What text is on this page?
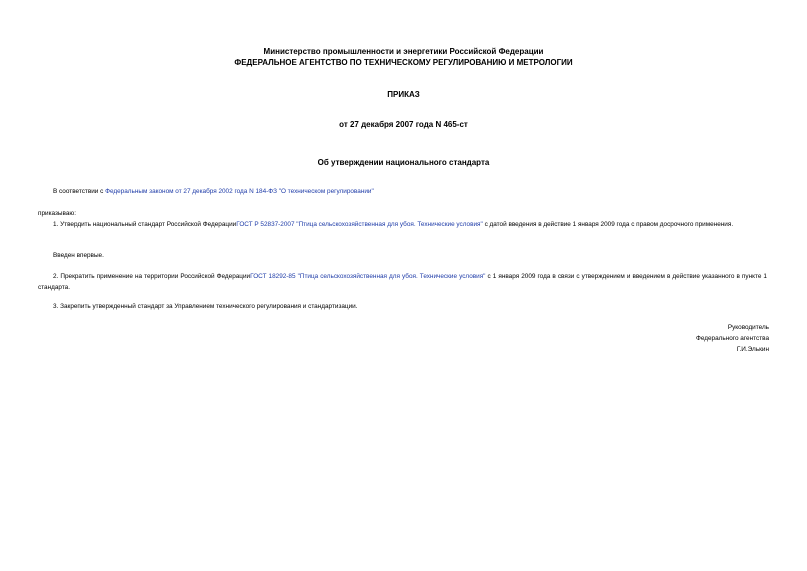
Министерство промышленности и энергетики Российской Федерации
ФЕДЕРАЛЬНОЕ АГЕНТСТВО ПО ТЕХНИЧЕСКОМУ РЕГУЛИРОВАНИЮ И МЕТРОЛОГИИ
ПРИКАЗ
от 27 декабря 2007 года N 465-ст
Об утверждении национального стандарта
В соответствии с Федеральным законом от 27 декабря 2002 года N 184-ФЗ "О техническом регулировании"
приказываю:
1. Утвердить национальный стандарт Российской ФедерацииГОСТ Р 52837-2007 "Птица сельскохозяйственная для убоя. Технические условия" с датой введения в действие 1 января 2009 года с правом досрочного применения.
Введен впервые.
2. Прекратить применение на территории Российской ФедерацииГОСТ 18292-85 "Птица сельскохозяйственная для убоя. Технические условия" с 1 января 2009 года в связи с утверждением и введением в действие указанного в пункте 1 стандарта.
3. Закрепить утвержденный стандарт за Управлением технического регулирования и стандартизации.
Руководитель
Федерального агентства
Г.И.Элькин
